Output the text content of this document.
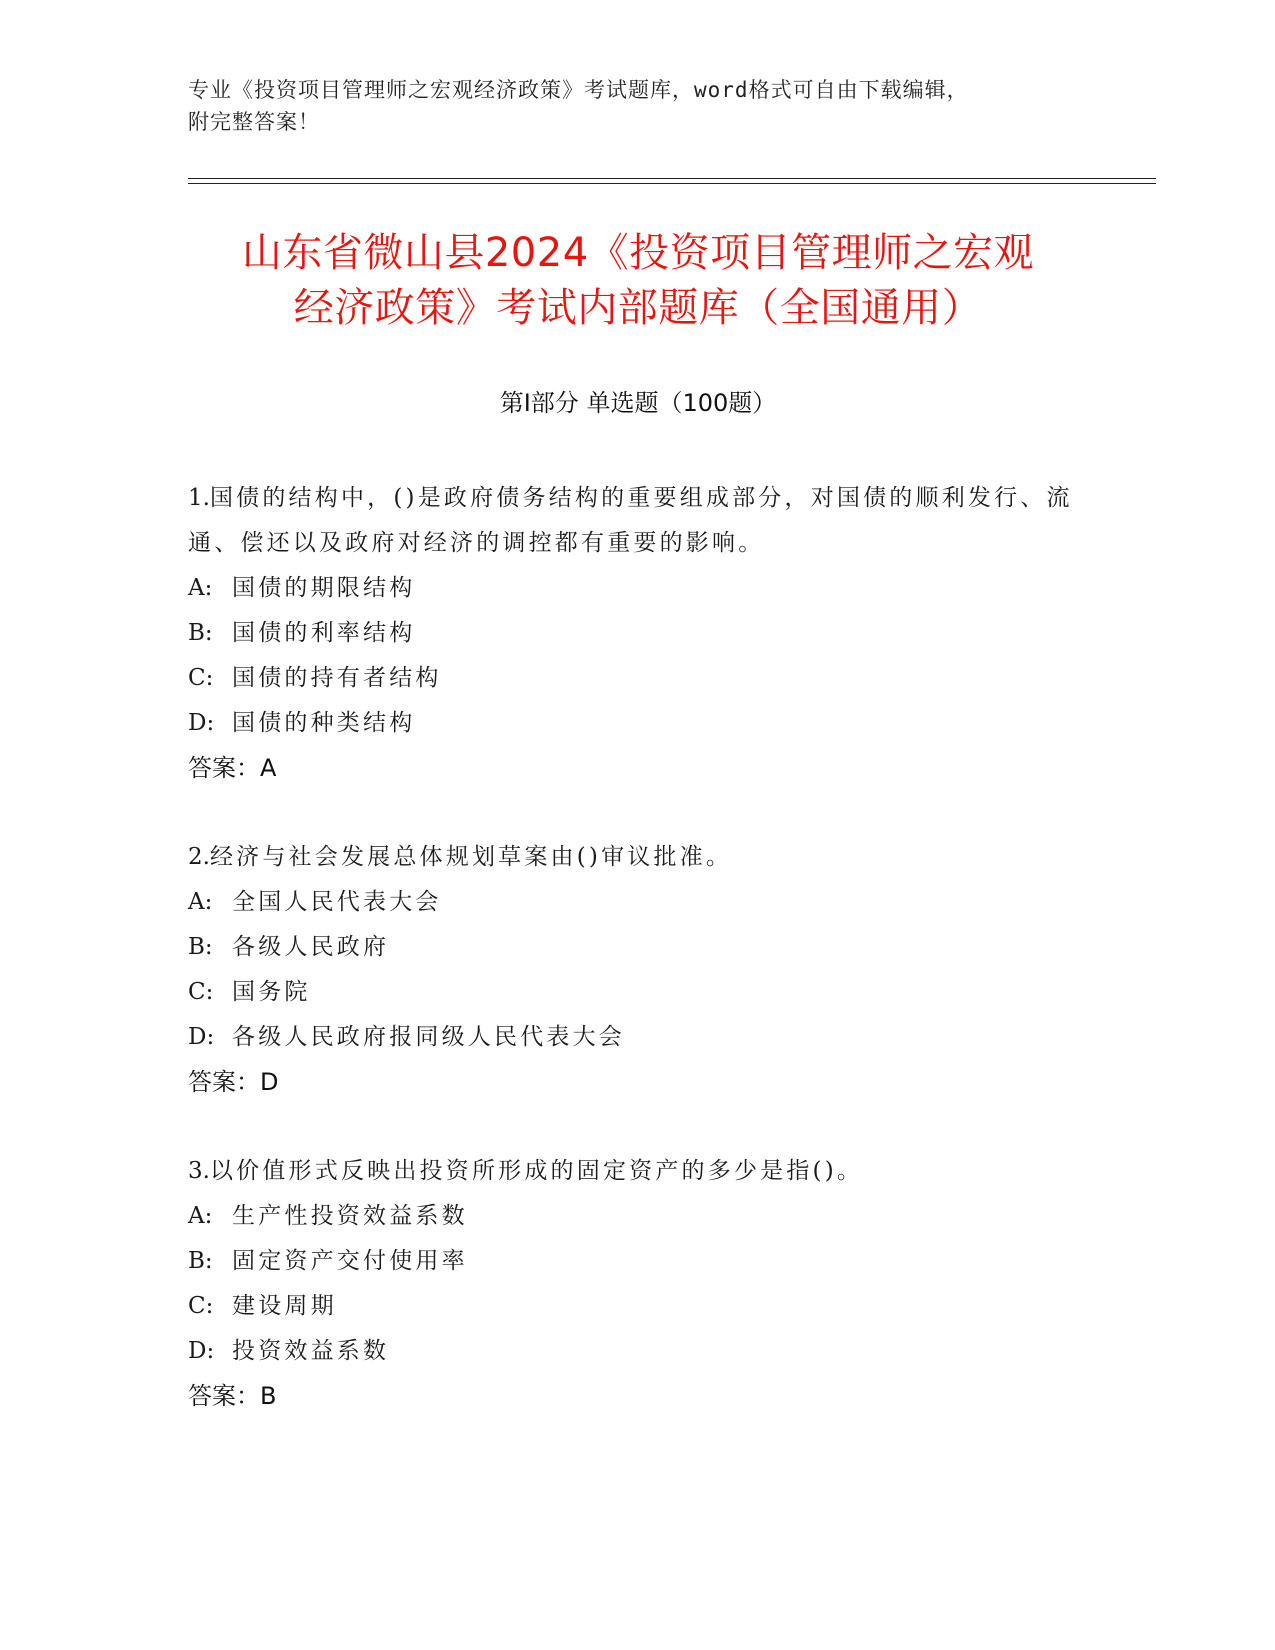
专业《投资项目管理师之宏观经济政策》考试题库，word格式可自由下载编辑，
附完整答案！
山东省微山县2024《投资项目管理师之宏观
经济政策》考试内部题库（全国通用）
第I部分 单选题（100题）
1.国债的结构中，()是政府债务结构的重要组成部分，对国债的顺利发行、流通、偿还以及政府对经济的调控都有重要的影响。
A: 国债的期限结构
B: 国债的利率结构
C: 国债的持有者结构
D: 国债的种类结构
答案：A
2.经济与社会发展总体规划草案由()审议批准。
A: 全国人民代表大会
B: 各级人民政府
C: 国务院
D: 各级人民政府报同级人民代表大会
答案：D
3.以价值形式反映出投资所形成的固定资产的多少是指()。
A: 生产性投资效益系数
B: 固定资产交付使用率
C: 建设周期
D: 投资效益系数
答案：B
